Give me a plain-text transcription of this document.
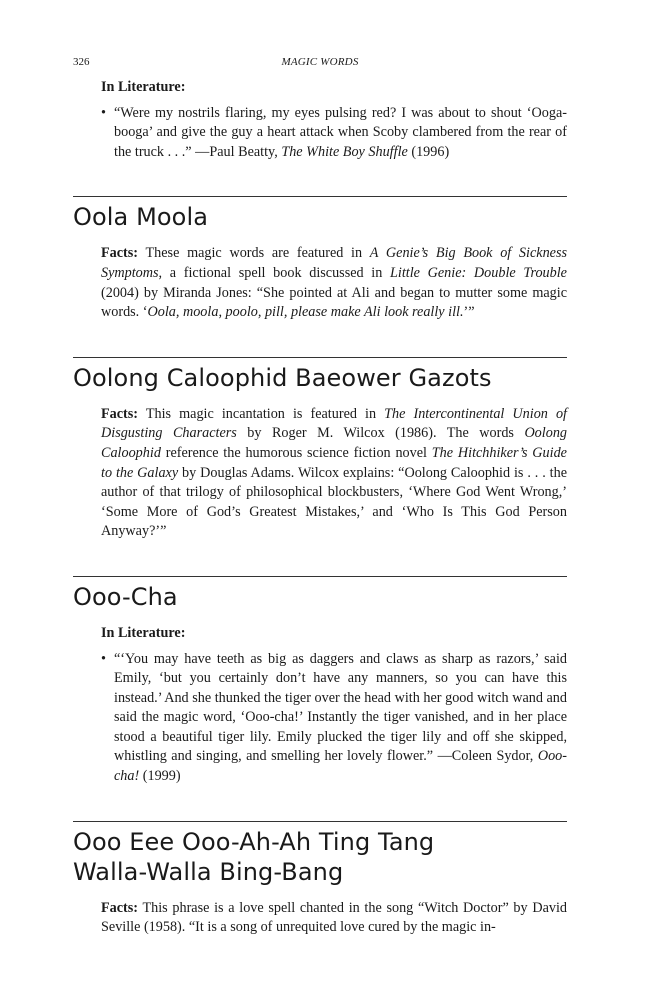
326	MAGIC WORDS
In Literature:
• “Were my nostrils flaring, my eyes pulsing red? I was about to shout ‘Ooga-booga’ and give the guy a heart attack when Scoby clambered from the rear of the truck . . .” —Paul Beatty, The White Boy Shuffle (1996)

Oola Moola

Facts: These magic words are featured in A Genie’s Big Book of Sickness Symptoms, a fictional spell book discussed in Little Genie: Double Trouble (2004) by Miranda Jones: “She pointed at Ali and began to mutter some magic words. ‘Oola, moola, poolo, pill, please make Ali look really ill.’”

Oolong Caloophid Baeower Gazots

Facts: This magic incantation is featured in The Intercontinental Union of Disgusting Characters by Roger M. Wilcox (1986). The words Oolong Caloophid reference the humorous science fiction novel The Hitchhiker’s Guide to the Galaxy by Douglas Adams. Wilcox explains: “Oolong Caloophid is . . . the author of that trilogy of philosophical blockbusters, ‘Where God Went Wrong,’ ‘Some More of God’s Greatest Mistakes,’ and ‘Who Is This God Person Anyway?’”

Ooo-Cha
In Literature:
• “‘You may have teeth as big as daggers and claws as sharp as razors,’ said Emily, ‘but you certainly don’t have any manners, so you can have this instead.’ And she thunked the tiger over the head with her good witch wand and said the magic word, ‘Ooo-cha!’ Instantly the tiger vanished, and in her place stood a beautiful tiger lily. Emily plucked the tiger lily and off she skipped, whistling and singing, and smelling her lovely flower.” —Coleen Sydor, Ooo-cha! (1999)

Ooo Eee Ooo-Ah-Ah Ting Tang
Walla-Walla Bing-Bang

Facts: This phrase is a love spell chanted in the song “Witch Doctor” by David Seville (1958). “It is a song of unrequited love cured by the magic in-
